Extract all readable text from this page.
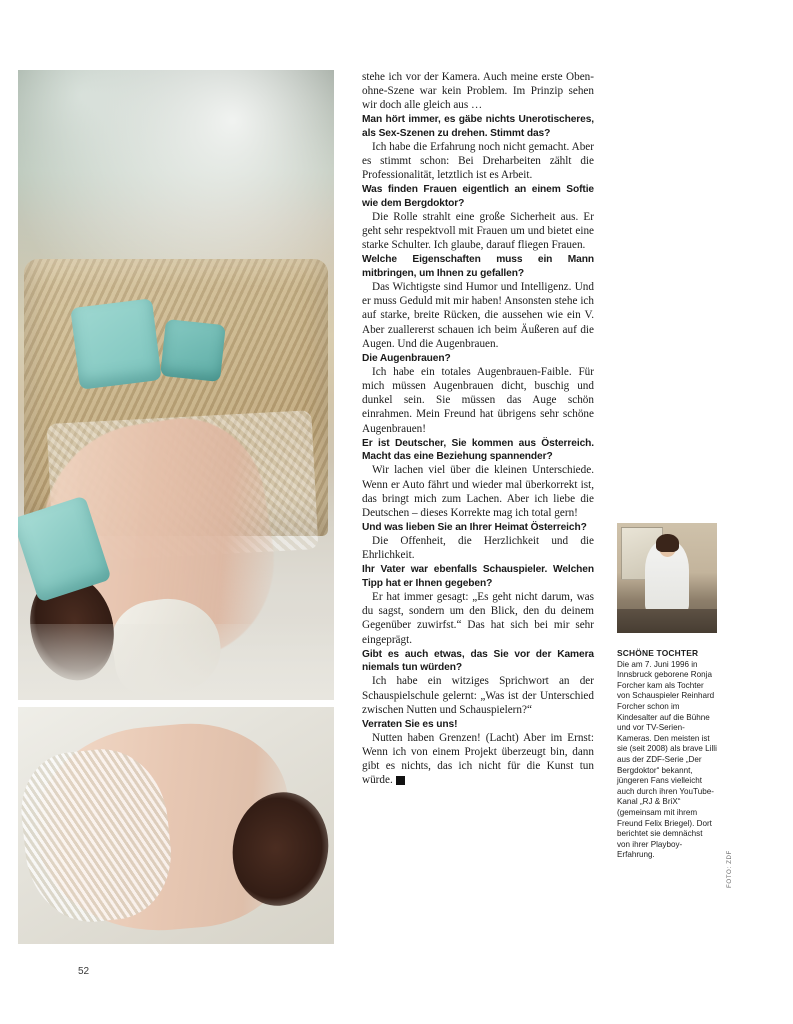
stehe ich vor der Kamera. Auch meine erste Oben-ohne-Szene war kein Problem. Im Prinzip sehen wir doch alle gleich aus …

Man hört immer, es gäbe nichts Unerotischeres, als Sex-Szenen zu drehen. Stimmt das?

Ich habe die Erfahrung noch nicht gemacht. Aber es stimmt schon: Bei Dreharbeiten zählt die Professionalität, letztlich ist es Arbeit.

Was finden Frauen eigentlich an einem Softie wie dem Bergdoktor?

Die Rolle strahlt eine große Sicherheit aus. Er geht sehr respektvoll mit Frauen um und bietet eine starke Schulter. Ich glaube, darauf fliegen Frauen.

Welche Eigenschaften muss ein Mann mitbringen, um Ihnen zu gefallen?

Das Wichtigste sind Humor und Intelligenz. Und er muss Geduld mit mir haben! Ansonsten stehe ich auf starke, breite Rücken, die aussehen wie ein V. Aber zuallererst schauen ich beim Äußeren auf die Augen. Und die Augenbrauen.

Die Augenbrauen?

Ich habe ein totales Augenbrauen-Faible. Für mich müssen Augenbrauen dicht, buschig und dunkel sein. Sie müssen das Auge schön einrahmen. Mein Freund hat übrigens sehr schöne Augenbrauen!

Er ist Deutscher, Sie kommen aus Österreich. Macht das eine Beziehung spannender?

Wir lachen viel über die kleinen Unterschiede. Wenn er Auto fährt und wieder mal überkorrekt ist, das bringt mich zum Lachen. Aber ich liebe die Deutschen – dieses Korrekte mag ich total gern!

Und was lieben Sie an Ihrer Heimat Österreich?

Die Offenheit, die Herzlichkeit und die Ehrlichkeit.

Ihr Vater war ebenfalls Schauspieler. Welchen Tipp hat er Ihnen gegeben?

Er hat immer gesagt: „Es geht nicht darum, was du sagst, sondern um den Blick, den du deinem Gegenüber zuwirfst.“ Das hat sich bei mir sehr eingeprägt.

Gibt es auch etwas, das Sie vor der Kamera niemals tun würden?

Ich habe ein witziges Sprichwort an der Schauspielschule gelernt: „Was ist der Unterschied zwischen Nutten und Schauspielern?“

Verraten Sie es uns!

Nutten haben Grenzen! (Lacht) Aber im Ernst: Wenn ich von einem Projekt überzeugt bin, dann gibt es nichts, das ich nicht für die Kunst tun würde. ■

SCHÖNE TOCHTER
Die am 7. Juni 1996 in Innsbruck geborene Ronja Forcher kam als Tochter von Schauspieler Reinhard Forcher schon im Kindesalter auf die Bühne und vor TV-Serien-Kameras. Den meisten ist sie (seit 2008) als brave Lilli aus der ZDF-Serie „Der Bergdoktor“ bekannt, jüngeren Fans vielleicht auch durch ihren YouTube-Kanal „RJ & BriX“ (gemeinsam mit ihrem Freund Felix Briegel). Dort berichtet sie demnächst von ihrer Playboy-Erfahrung.	FOTO: ZDF
52
